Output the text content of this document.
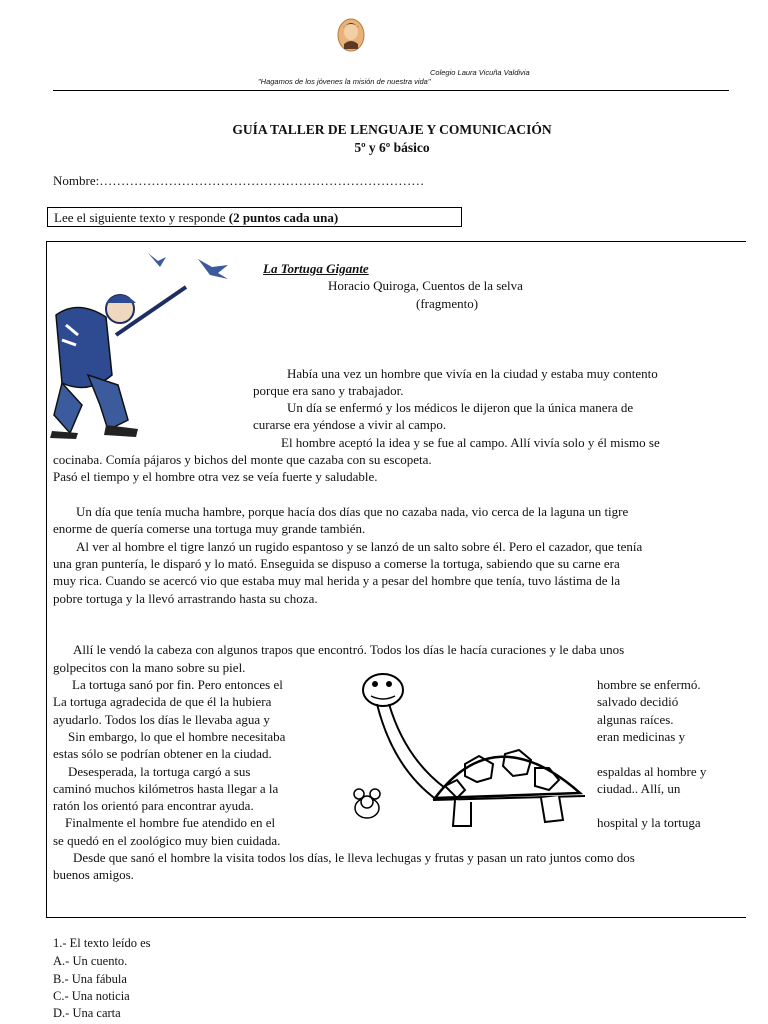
Colegio Laura Vicuña Valdivia
"Hagamos de los jóvenes la misión de nuestra vida"
GUÍA TALLER DE LENGUAJE Y COMUNICACIÓN
5º y 6º básico
Nombre:…………………………………………………………………
Lee el siguiente texto y responde (2 puntos cada una)
La Tortuga Gigante
Horacio Quiroga, Cuentos de la selva
(fragmento)
Había una vez un hombre que vivía en la ciudad y estaba muy contento
porque era sano y trabajador.
Un día se enfermó y los médicos le dijeron que la única manera de
curarse era yéndose a vivir al campo.
El hombre aceptó la idea y se fue al campo. Allí vivía solo y él mismo se
cocinaba. Comía pájaros y bichos del monte que cazaba con su escopeta.
Pasó el tiempo y el hombre otra vez se veía fuerte y saludable.
Un día que tenía mucha hambre, porque hacía dos días que no cazaba nada, vio cerca de la laguna un tigre
enorme de quería comerse una tortuga muy grande también.
Al ver al hombre el tigre lanzó un rugido espantoso y se lanzó de un salto sobre él. Pero el cazador, que tenía
una gran puntería, le disparó y lo mató. Enseguida se dispuso a comerse la tortuga, sabiendo que su carne era
muy rica. Cuando se acercó vio que estaba muy mal herida y a pesar del hombre que tenía, tuvo lástima de la
pobre tortuga y la llevó arrastrando hasta su choza.
Allí le vendó la cabeza con algunos trapos que encontró. Todos los días le hacía curaciones y le daba unos
golpecitos con la mano sobre su piel.
La tortuga sanó por fin. Pero entonces el
La tortuga agradecida de que él la hubiera
ayudarlo. Todos los días le llevaba agua y
Sin embargo, lo que el hombre necesitaba
estas sólo se podrían obtener en la ciudad.
Desesperada, la tortuga cargó a sus
caminó muchos kilómetros hasta llegar a la
ratón los orientó para encontrar ayuda.
Finalmente el hombre fue atendido en el
se quedó en el zoológico muy bien cuidada.
hombre se enfermó.
salvado decidió
algunas raíces.
eran medicinas y
espaldas al hombre y
ciudad.. Allí, un
hospital y la tortuga
Desde que sanó el hombre la visita todos los días, le lleva lechugas y frutas y pasan un rato juntos como dos
buenos amigos.
1.- El texto leído es
A.- Un cuento.
B.- Una fábula
C.- Una noticia
D.- Una carta
